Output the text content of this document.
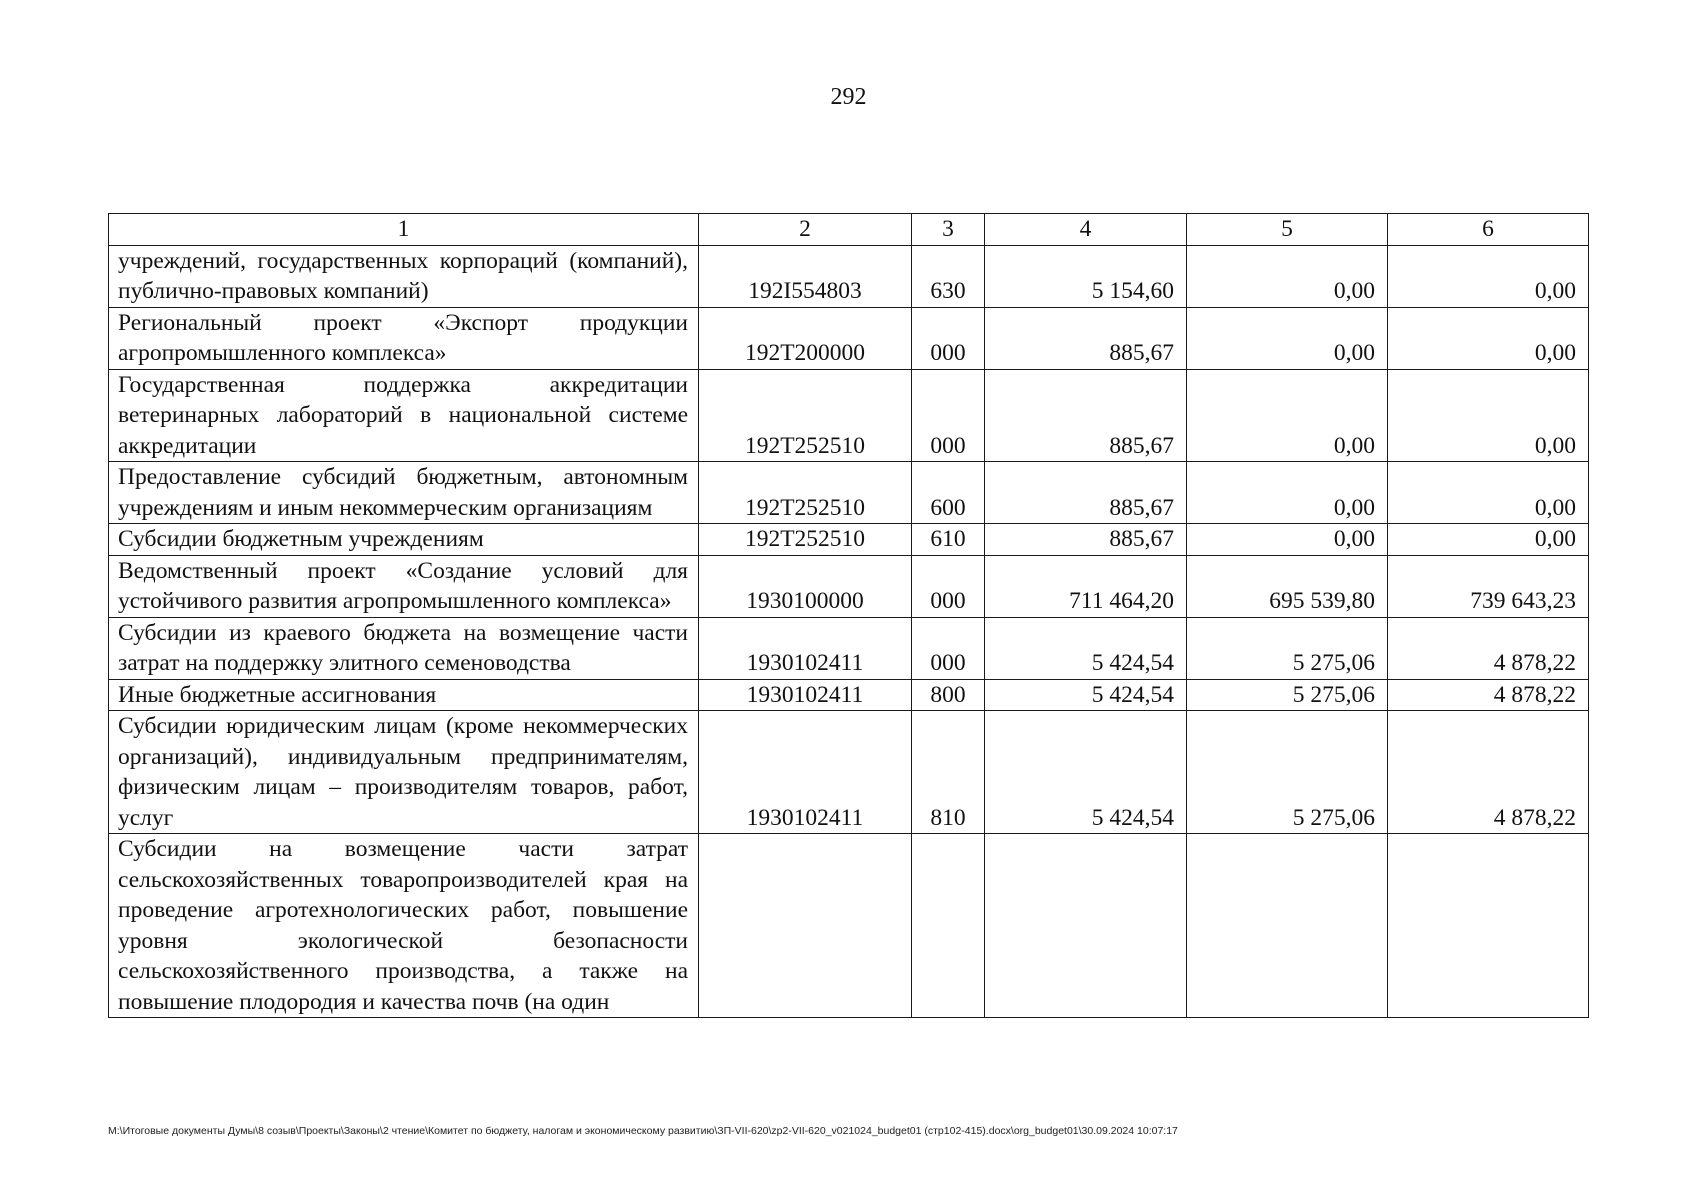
292
1	2	3	4	5	6
учреждений, государственных корпораций (компаний), публично-правовых компаний)	192I554803	630	5 154,60	0,00	0,00
Региональный проект «Экспорт продукции агропромышленного комплекса»	192Т200000	000	885,67	0,00	0,00
Государственная поддержка аккредитации ветеринарных лабораторий в национальной системе аккредитации	192Т252510	000	885,67	0,00	0,00
Предоставление субсидий бюджетным, автономным учреждениям и иным некоммерческим организациям	192Т252510	600	885,67	0,00	0,00
Субсидии бюджетным учреждениям	192Т252510	610	885,67	0,00	0,00
Ведомственный проект «Создание условий для устойчивого развития агропромышленного комплекса»	1930100000	000	711 464,20	695 539,80	739 643,23
Субсидии из краевого бюджета на возмещение части затрат на поддержку элитного семеноводства	1930102411	000	5 424,54	5 275,06	4 878,22
Иные бюджетные ассигнования	1930102411	800	5 424,54	5 275,06	4 878,22
Субсидии юридическим лицам (кроме некоммерческих организаций), индивидуальным предпринимателям, физическим лицам – производителям товаров, работ, услуг	1930102411	810	5 424,54	5 275,06	4 878,22
Субсидии на возмещение части затрат сельскохозяйственных товаропроизводителей края на проведение агротехнологических работ, повышение уровня экологической безопасности сельскохозяйственного производства, а также на повышение плодородия и качества почв (на один					
М:\Итоговые документы Думы\8 созыв\Проекты\Законы\2 чтение\Комитет по бюджету, налогам и экономическому развитию\ЗП-VII-620\zp2-VII-620_v021024_budget01 (стр102-415).docx\org_budget01\30.09.2024 10:07:17
